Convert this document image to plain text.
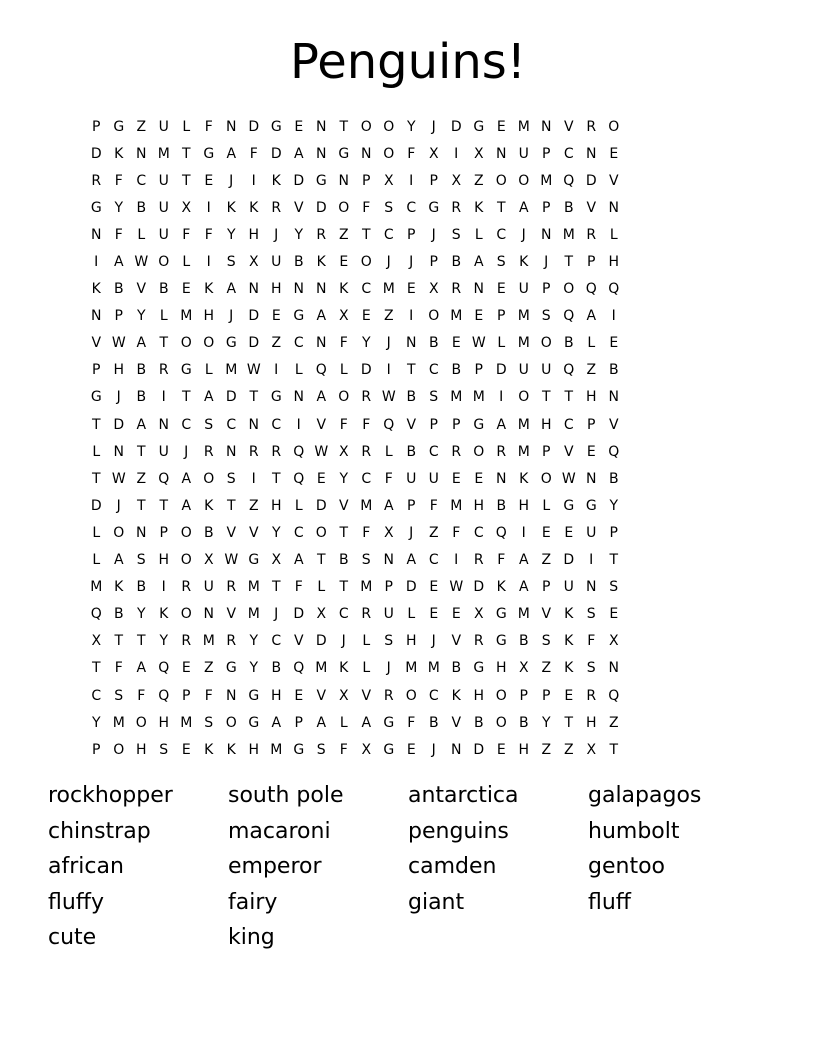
Penguins!
P G Z U L	F N D G E N T O O Y	J	D G E M N V R O
D K N M T G A F D A N G N O F X	I	X N U P C N E
R F C U T E	J	I	K D G N P X	I	P X Z O O M Q D V
G Y B U X	I	K K R V D O F	S C G R K T A P B V N
N F	L U F	F	Y H	J	Y R Z T C P	J	S	L C	J	N M R L
I	A W O L	I	S X U B K E O	J	J	P B A S K	J	T P H
K B V B E K A N H N N K C M E X R N E U P O Q Q
N P	Y	L M H	J	D E G A X E Z	I	O M E P M S Q A	I
V W A T O O G D Z C N F	Y	J	N B E W L M O B L	E
P H B R G L M W I	L Q L D	I	T C B P D U U Q Z B
G	J	B	I	T A D T G N A O R W B S M M	I	O T T H N
T D A N C S C N C	I	V F	F Q V P	P G A M H C P V
L N T U	J	R N R R Q W X R L B C R O R M P V E Q
T W Z Q A O S	I	T Q E Y C F U U E E N K O W N B
D	J	T T A K T Z H L D V M A P	F M H B H L G G Y
L O N P O B V V Y C O T	F X	J	Z F C Q	I	E E U P
L A S H O X W G X A T B S N A C	I	R F A Z D	I	T
M K B	I	R U R M T	F	L	T M P D E W D K A P U N S
Q B Y K O N V M	J	D X C R U L	E E X G M V K S E
X T T Y R M R Y C V D	J	L	S H	J	V R G B S K F X
T	F A Q E Z G Y B Q M K	L	J	M M B G H X Z K S N
C S	F Q P	F N G H E V X V R O C K H O P	P E R Q
Y M O H M S O G A P A L A G F B V B O B Y T H Z
P O H S E K K H M G S	F X G E	J	N D E H Z Z X T
rockhopper	south pole	antarctica	galapagos
chinstrap	macaroni	penguins	humbolt
african	emperor	camden	gentoo
fluffy	fairy	giant	fluff
cute	king
